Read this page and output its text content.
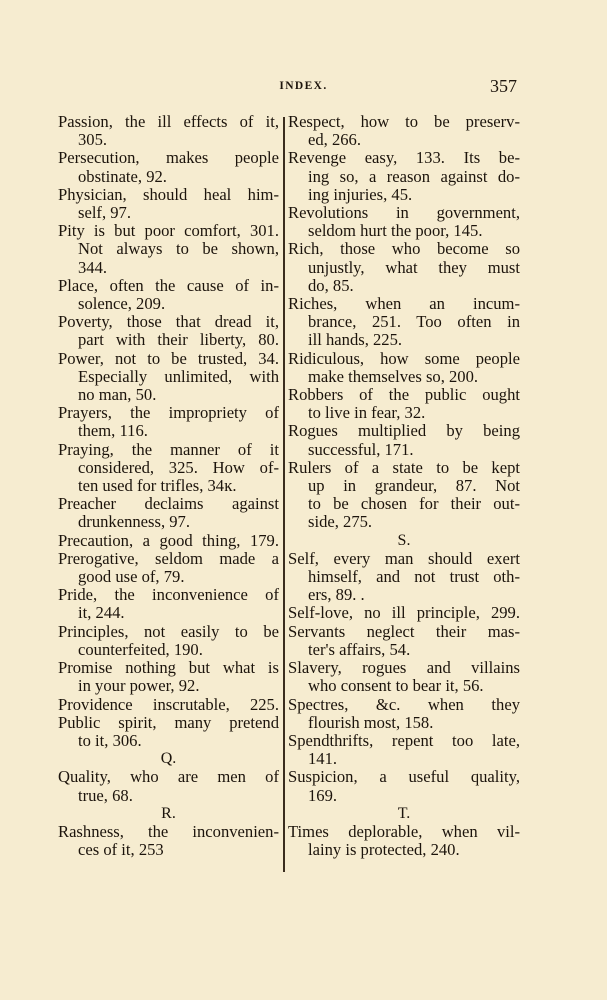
INDEX.	357

Passion, the ill effects of it,
305.

Persecution, makes people
obstinate, 92.

Physician, should heal him-
self, 97.

Pity is but poor comfort, 301.
Not always to be shown,
344.

Place, often the cause of in-
solence, 209.

Poverty, those that dread it,
part with their liberty, 80.

Power, not to be trusted, 34.
Especially unlimited, with
no man, 50.

Prayers, the impropriety of
them, 116.

Praying, the manner of it
considered, 325. How of-
ten used for trifles, 34ĸ.

Preacher declaims against
drunkenness, 97.

Precaution, a good thing, 179.

Prerogative, seldom made a
good use of, 79.

Pride, the inconvenience of
it, 244.

Principles, not easily to be
counterfeited, 190.

Promise nothing but what is
in your power, 92.

Providence inscrutable, 225.

Public spirit, many pretend
to it, 306.

Q.

Quality, who are men of
true, 68.

R.

Rashness, the inconvenien-
ces of it, 253

Respect, how to be preserv-
ed, 266.

Revenge easy, 133. Its be-
ing so, a reason against do-
ing injuries, 45.

Revolutions in government,
seldom hurt the poor, 145.

Rich, those who become so
unjustly, what they must
do, 85.

Riches, when an incum-
brance, 251. Too often in
ill hands, 225.

Ridiculous, how some people
make themselves so, 200.

Robbers of the public ought
to live in fear, 32.

Rogues multiplied by being
successful, 171.

Rulers of a state to be kept
up in grandeur, 87. Not
to be chosen for their out-
side, 275.

S.

Self, every man should exert
himself, and not trust oth-
ers, 89. .

Self-love, no ill principle, 299.

Servants neglect their mas-
ter's affairs, 54.

Slavery, rogues and villains
who consent to bear it, 56.

Spectres, &c. when they
flourish most, 158.

Spendthrifts, repent too late,
141.

Suspicion, a useful quality,
169.

T.

Times deplorable, when vil-
lainy is protected, 240.
